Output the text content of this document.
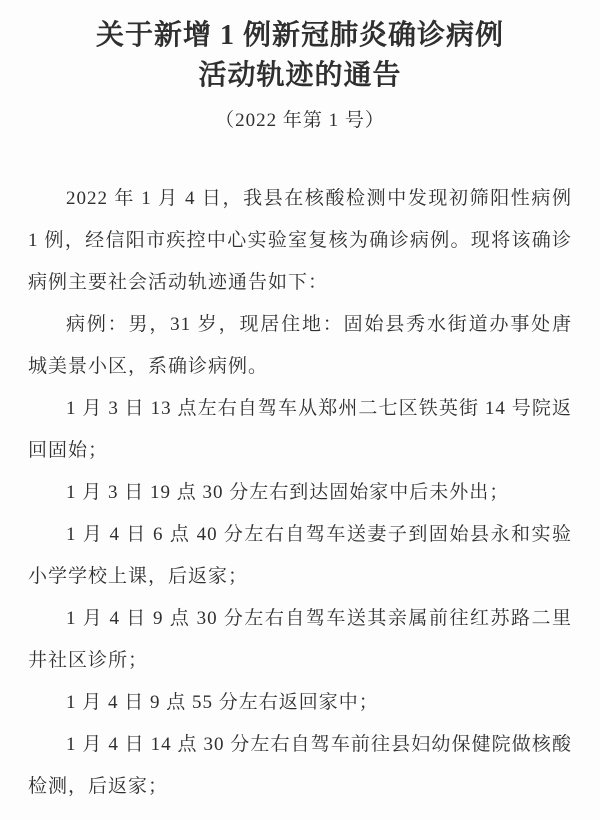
关于新增 1 例新冠肺炎确诊病例
活动轨迹的通告
（2022 年第 1 号）

2022 年 1 月 4 日，我县在核酸检测中发现初筛阳性病例 1 例，经信阳市疾控中心实验室复核为确诊病例。现将该确诊病例主要社会活动轨迹通告如下：

病例：男，31 岁，现居住地：固始县秀水街道办事处唐城美景小区，系确诊病例。

1 月 3 日 13 点左右自驾车从郑州二七区铁英街 14 号院返回固始；

1 月 3 日 19 点 30 分左右到达固始家中后未外出；

1 月 4 日 6 点 40 分左右自驾车送妻子到固始县永和实验小学学校上课，后返家；

1 月 4 日 9 点 30 分左右自驾车送其亲属前往红苏路二里井社区诊所；

1 月 4 日 9 点 55 分左右返回家中；

1 月 4 日 14 点 30 分左右自驾车前往县妇幼保健院做核酸检测，后返家；
